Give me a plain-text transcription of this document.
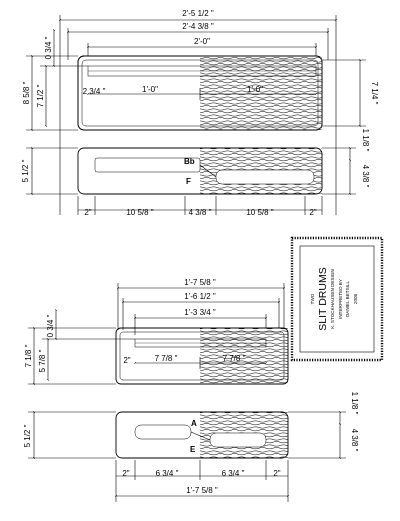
2'-5 1/2 "
2'-4 3/8 "
2'-0"
1'-0"	1'-0"
2 3/4 "
0 3/4 "
8 5/8 " 7 1/2 "	7 1/4 "
Bb
F
5 1/2 "
1 1/8 "
4 3/8 "
2"	10 5/8 "	4 3/8 "	10 5/8 "	2"
TWO SLIT DRUMS K. STOCKHAUSEN DESIGN INTERPRETED BY DANIEL BETSILL 2008
1'-7 5/8 "
1'-6 1/2 "
1'-3 3/4 "
2"	7 7/8 "	7 7/8 "
0 3/4 "
7 1/8 " 5 7/8 "
A
E
5 1/2 "
1 1/8 "
4 3/8 "
2"	6 3/4 "	6 3/4 "	2"
1'-7 5/8 "
